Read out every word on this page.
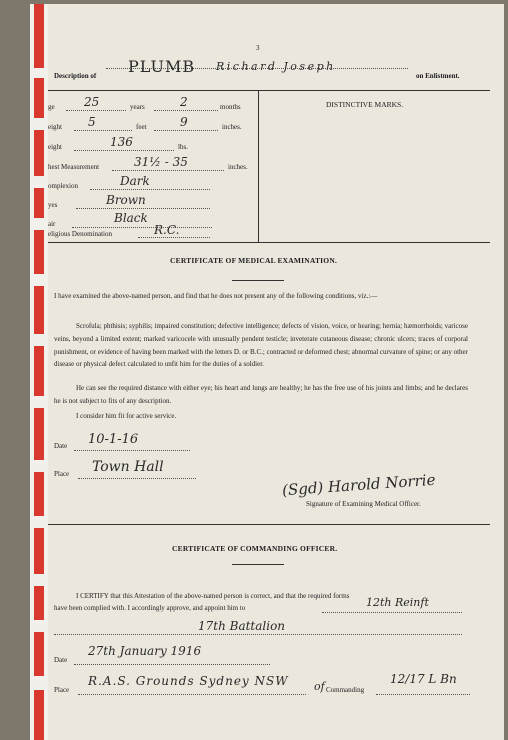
3
Description of PLUMB Richard Joseph
on Enlistment.
DISTINCTIVE MARKS.
ge 25	years	2	months
eight 5	feet	9	inches.
eight	136	lbs.
hest Measurement	31½ - 35	inches.
omplexion	Dark
yes	Brown
air	Black
eligious Denomination	R.C.
CERTIFICATE OF MEDICAL EXAMINATION.
I have examined the above-named person, and find that he does not present any of the following conditions, viz.:—
Scrofula; phthisis; syphilis; impaired constitution; defective intelligence; defects of vision, voice, or hearing; hernia; hæmorrhoids; varicose veins, beyond a limited extent; marked varicocele with unusually pendent testicle; inveterate cutaneous disease; chronic ulcers; traces of corporal punishment, or evidence of having been marked with the letters D. or B.C.; contracted or deformed chest; abnormal curvature of spine; or any other disease or physical defect calculated to unfit him for the duties of a soldier.
He can see the required distance with either eye; his heart and lungs are healthy; he has the free use of his joints and limbs; and he declares he is not subject to fits of any description.
I consider him fit for active service.
Date 10-1-16
Place Town Hall
(Sgd) Harold Norrie
Signature of Examining Medical Officer.
CERTIFICATE OF COMMANDING OFFICER.
I CERTIFY that this Attestation of the above-named person is correct, and that the required forms
have been complied with. I accordingly approve, and appoint him to	12th Reinft
17th Battalion
Date
27th January 1916
Place
R.A.S. Grounds Sydney NSW of Commanding
12/17 L Bn
